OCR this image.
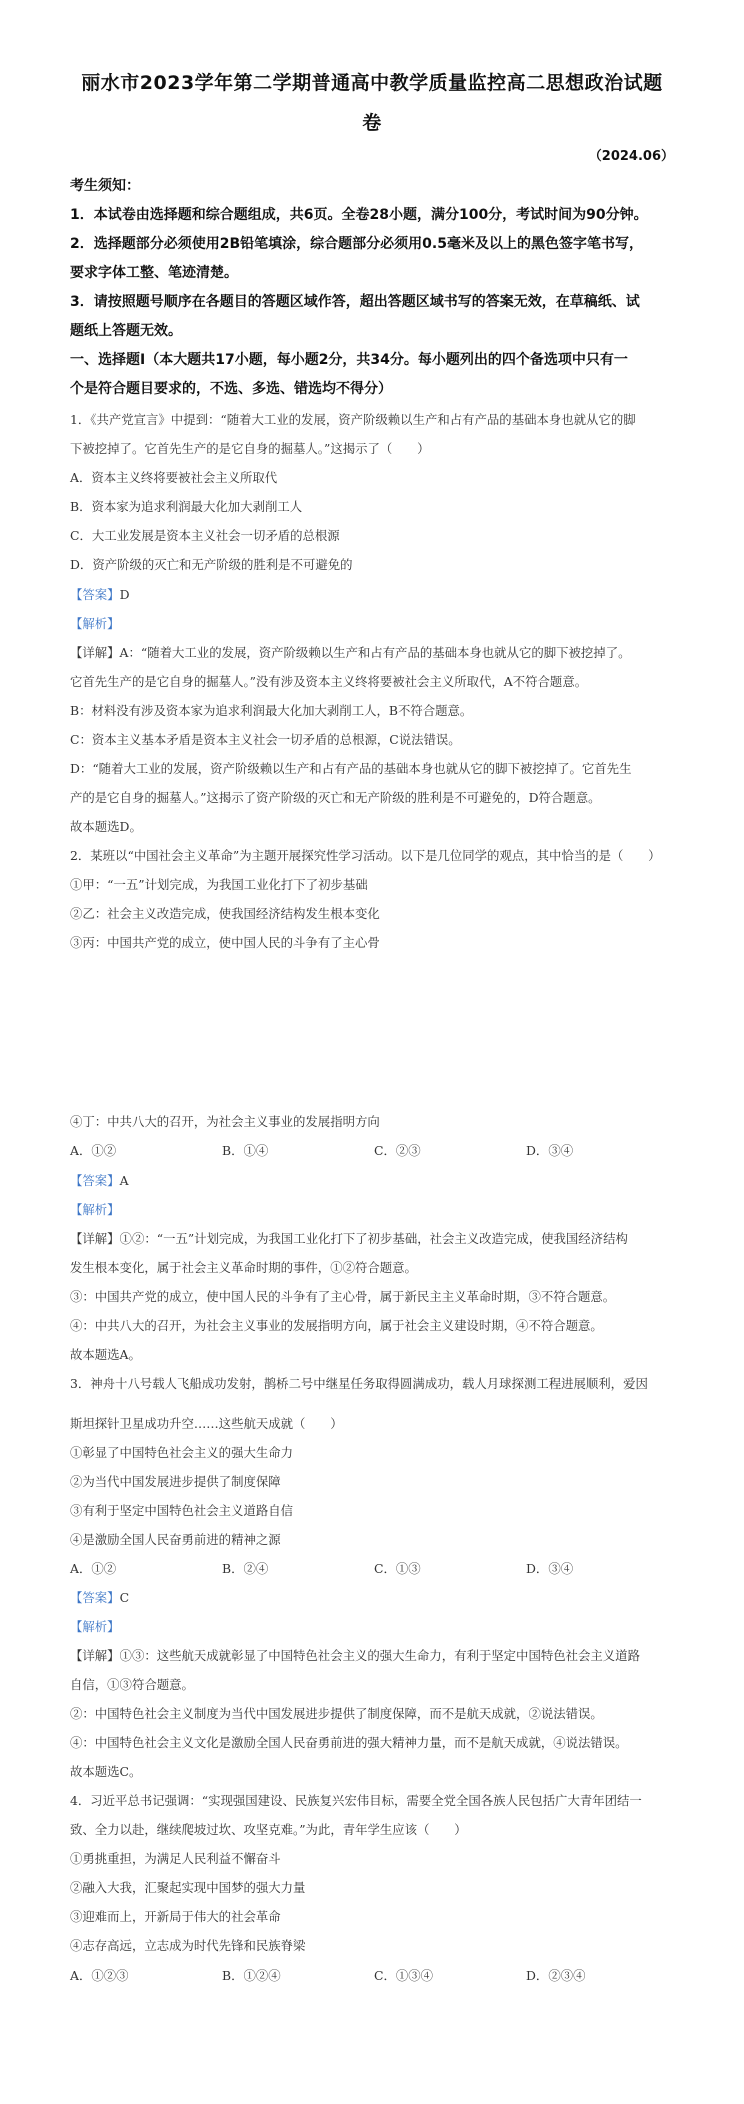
丽水市2023学年第二学期普通高中教学质量监控高二思想政治试题
卷
（2024.06）
考生须知：
1．本试卷由选择题和综合题组成，共6页。全卷28小题，满分100分，考试时间为90分钟。
2．选择题部分必须使用2B铅笔填涂，综合题部分必须用0.5毫米及以上的黑色签字笔书写，
要求字体工整、笔迹清楚。
3．请按照题号顺序在各题目的答题区域作答，超出答题区域书写的答案无效，在草稿纸、试
题纸上答题无效。
一、选择题Ⅰ（本大题共17小题，每小题2分，共34分。每小题列出的四个备选项中只有一
个是符合题目要求的，不选、多选、错选均不得分）
1．《共产党宣言》中提到：“随着大工业的发展，资产阶级赖以生产和占有产品的基础本身也就从它的脚
下被挖掉了。它首先生产的是它自身的掘墓人。”这揭示了（　　）
A．资本主义终将要被社会主义所取代
B．资本家为追求利润最大化加大剥削工人
C．大工业发展是资本主义社会一切矛盾的总根源
D．资产阶级的灭亡和无产阶级的胜利是不可避免的
【答案】D
【解析】
【详解】A：“随着大工业的发展，资产阶级赖以生产和占有产品的基础本身也就从它的脚下被挖掉了。
它首先生产的是它自身的掘墓人。”没有涉及资本主义终将要被社会主义所取代，A不符合题意。
B：材料没有涉及资本家为追求利润最大化加大剥削工人，B不符合题意。
C：资本主义基本矛盾是资本主义社会一切矛盾的总根源，C说法错误。
D：“随着大工业的发展，资产阶级赖以生产和占有产品的基础本身也就从它的脚下被挖掉了。它首先生
产的是它自身的掘墓人。”这揭示了资产阶级的灭亡和无产阶级的胜利是不可避免的，D符合题意。
故本题选D。
2．某班以“中国社会主义革命”为主题开展探究性学习活动。以下是几位同学的观点，其中恰当的是（　　）
①甲：“一五”计划完成，为我国工业化打下了初步基础
②乙：社会主义改造完成，使我国经济结构发生根本变化
③丙：中国共产党的成立，使中国人民的斗争有了主心骨
④丁：中共八大的召开，为社会主义事业的发展指明方向
A．①②	B．①④	C．②③	D．③④
【答案】A
【解析】
【详解】①②：“一五”计划完成，为我国工业化打下了初步基础，社会主义改造完成，使我国经济结构
发生根本变化，属于社会主义革命时期的事件，①②符合题意。
③：中国共产党的成立，使中国人民的斗争有了主心骨，属于新民主主义革命时期，③不符合题意。
④：中共八大的召开，为社会主义事业的发展指明方向，属于社会主义建设时期，④不符合题意。
故本题选A。
3．神舟十八号载人飞船成功发射，鹊桥二号中继星任务取得圆满成功，载人月球探测工程进展顺利，爱因
斯坦探针卫星成功升空……这些航天成就（　　）
①彰显了中国特色社会主义的强大生命力
②为当代中国发展进步提供了制度保障
③有利于坚定中国特色社会主义道路自信
④是激励全国人民奋勇前进的精神之源
A．①②	B．②④	C．①③	D．③④
【答案】C
【解析】
【详解】①③：这些航天成就彰显了中国特色社会主义的强大生命力，有利于坚定中国特色社会主义道路
自信，①③符合题意。
②：中国特色社会主义制度为当代中国发展进步提供了制度保障，而不是航天成就，②说法错误。
④：中国特色社会主义文化是激励全国人民奋勇前进的强大精神力量，而不是航天成就，④说法错误。
故本题选C。
4．习近平总书记强调：“实现强国建设、民族复兴宏伟目标，需要全党全国各族人民包括广大青年团结一
致、全力以赴，继续爬坡过坎、攻坚克难。”为此，青年学生应该（　　）
①勇挑重担，为满足人民利益不懈奋斗
②融入大我，汇聚起实现中国梦的强大力量
③迎难而上，开新局于伟大的社会革命
④志存高远，立志成为时代先锋和民族脊梁
A．①②③	B．①②④	C．①③④	D．②③④
